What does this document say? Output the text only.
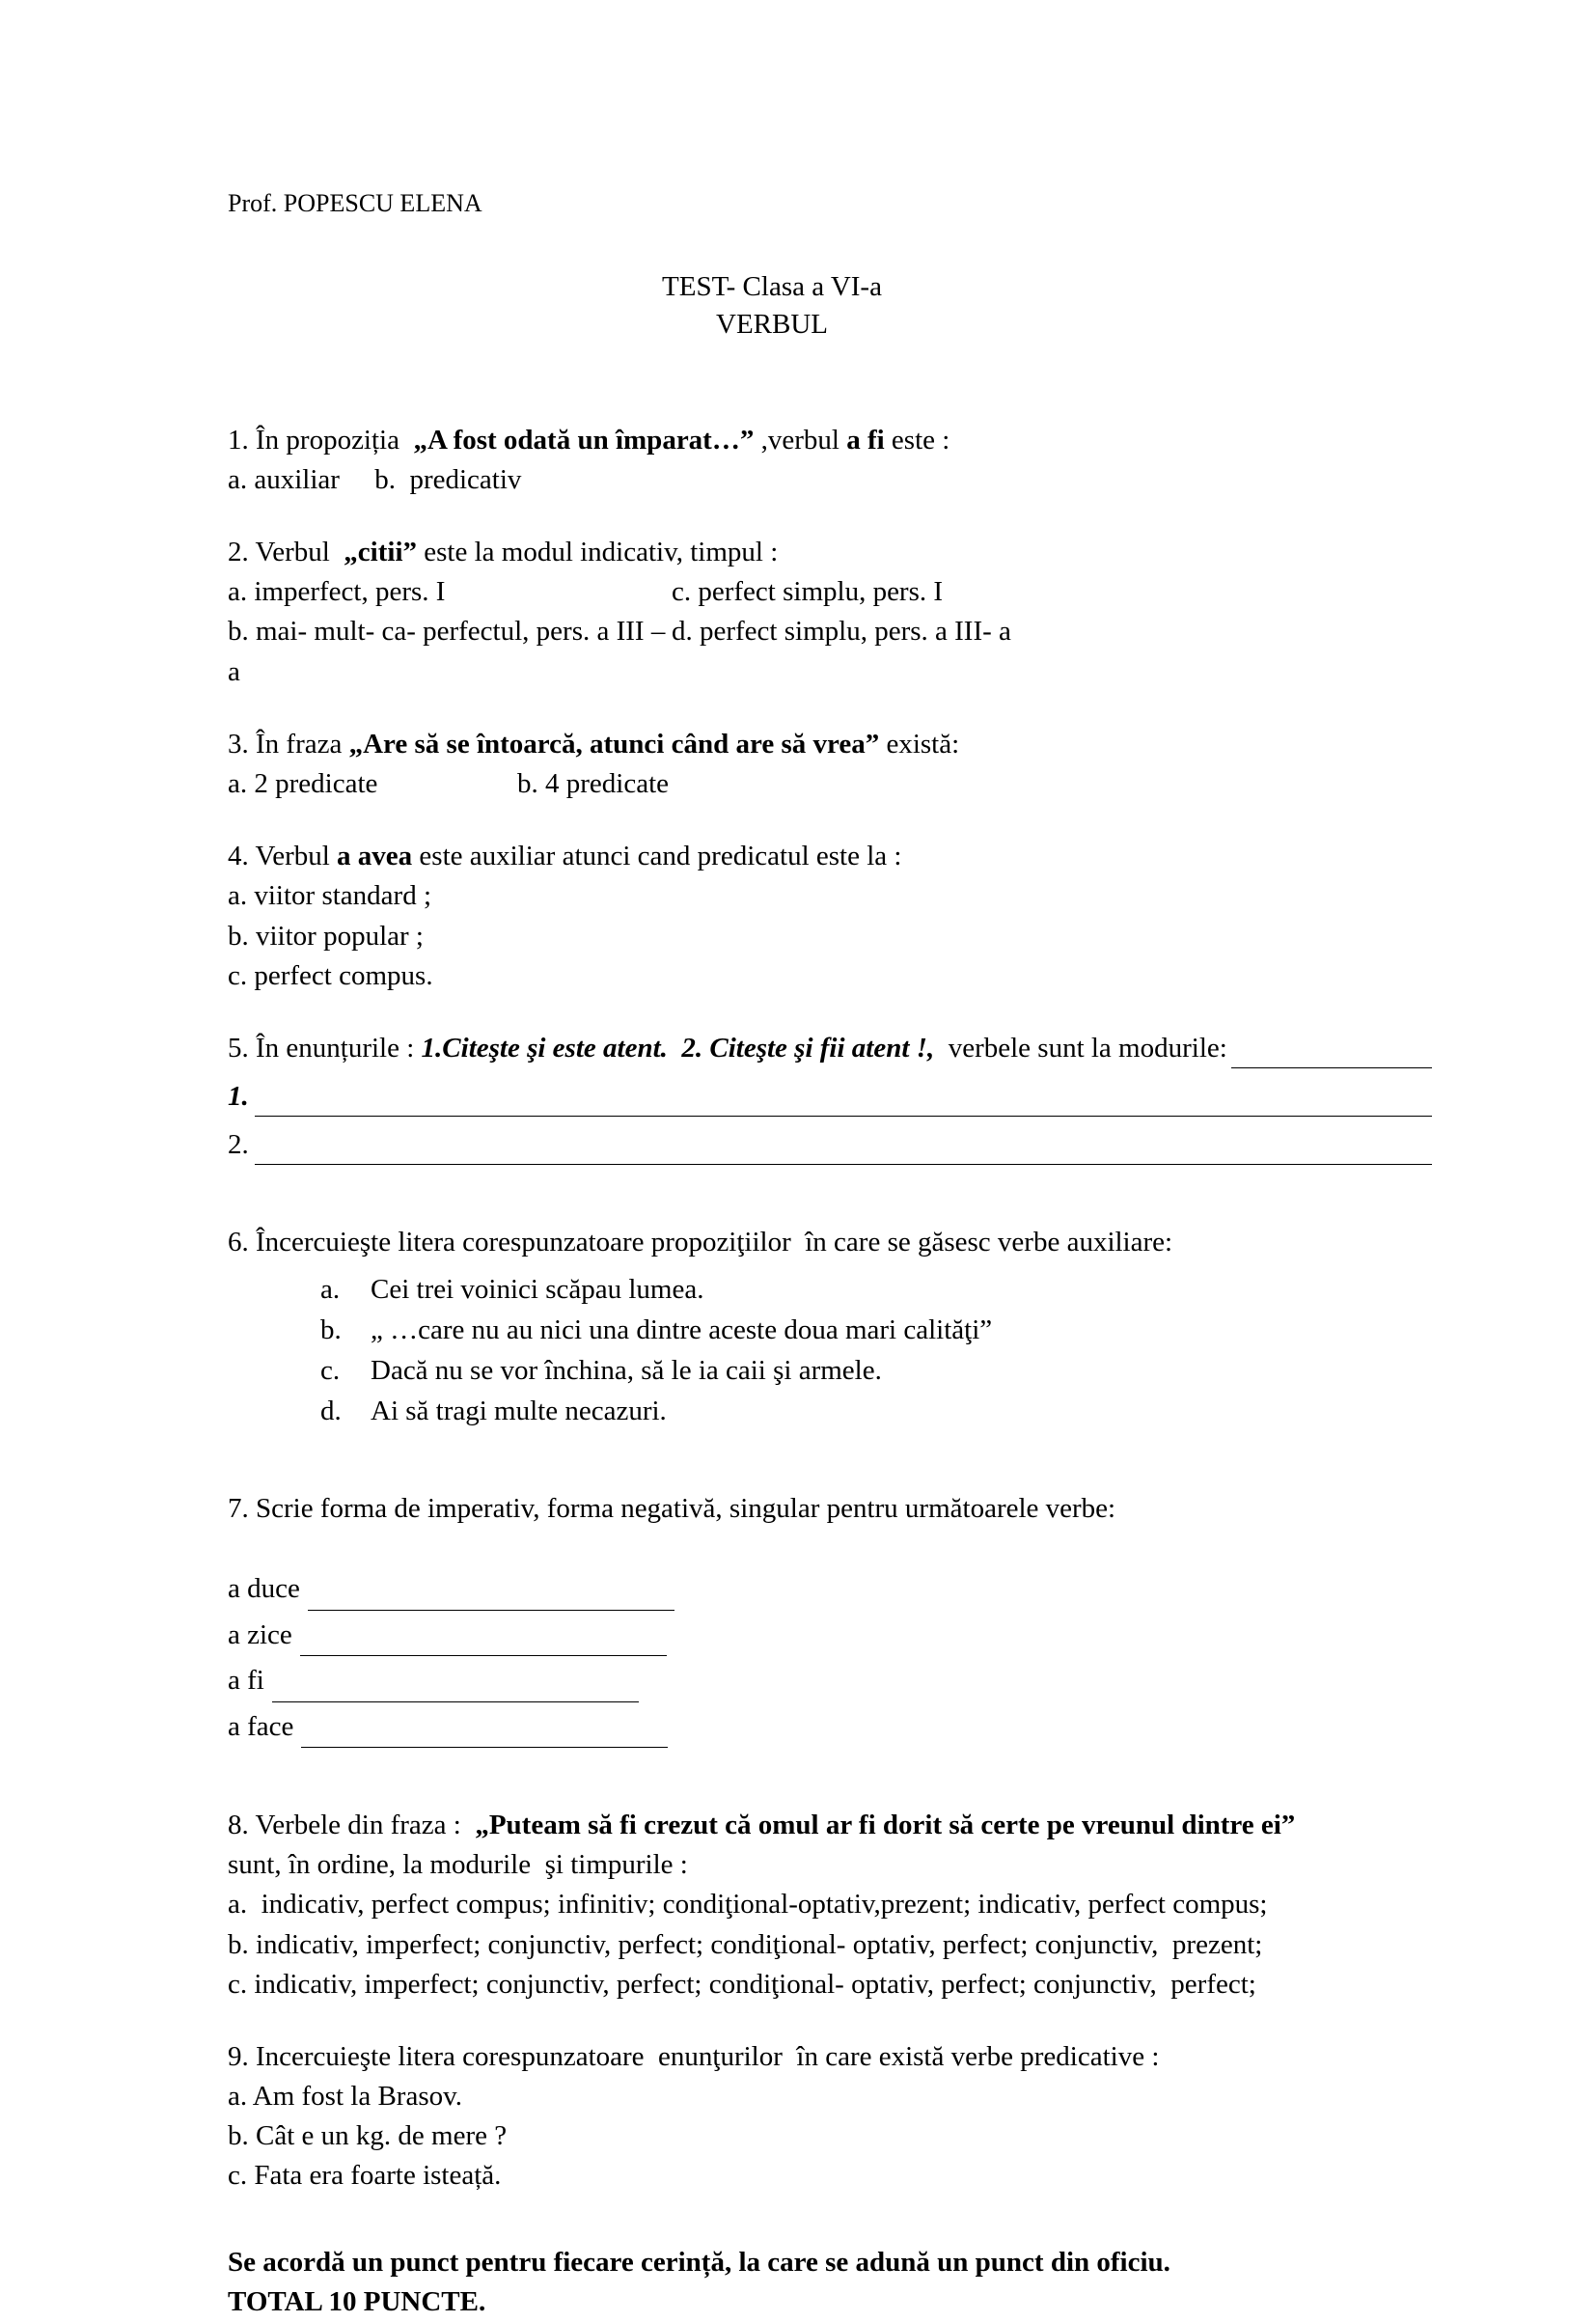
Prof. POPESCU ELENA
TEST- Clasa a VI-a
VERBUL
1. În propoziția  „A fost odată un împarat…” ,verbul a fi este :
a. auxiliar     b.  predicativ
2. Verbul  „citii” este la modul indicativ, timpul :
a. imperfect, pers. I	c. perfect simplu, pers. I
b. mai- mult- ca- perfectul, pers. a III –a
d. perfect simplu, pers. a III- a
3. În fraza „Are să se întoarcă, atunci când are să vrea” există:
a. 2 predicate	b. 4 predicate
4. Verbul a avea este auxiliar atunci cand predicatul este la :
a. viitor standard ;
b. viitor popular ;
c. perfect compus.
5. În enunțurile : 1.Citeşte şi este atent.  2. Citeşte şi fii atent !,  verbele sunt la modurile:
1.
2.
6. Încercuieşte litera corespunzatoare propoziţiilor  în care se găsesc verbe auxiliare:
a. Cei trei voinici scăpau lumea.
b. „ …care nu au nici una dintre aceste doua mari calităţi”
c. Dacă nu se vor închina, să le ia caii şi armele.
d. Ai să tragi multe necazuri.
7. Scrie forma de imperativ, forma negativă, singular pentru următoarele verbe:
a duce
a zice
a fi
a face
8. Verbele din fraza :  „Puteam să fi crezut că omul ar fi dorit să certe pe vreunul dintre ei”
sunt, în ordine, la modurile  şi timpurile :
a.  indicativ, perfect compus; infinitiv; condiţional-optativ,prezent; indicativ, perfect compus;
b. indicativ, imperfect; conjunctiv, perfect; condiţional- optativ, perfect; conjunctiv,  prezent;
c. indicativ, imperfect; conjunctiv, perfect; condiţional- optativ, perfect; conjunctiv,  perfect;
9. Incercuieşte litera corespunzatoare  enunţurilor  în care există verbe predicative :
a. Am fost la Brasov.
b. Cât e un kg. de mere ?
c. Fata era foarte isteață.
Se acordă un punct pentru fiecare cerință, la care se adună un punct din oficiu.
TOTAL 10 PUNCTE.
